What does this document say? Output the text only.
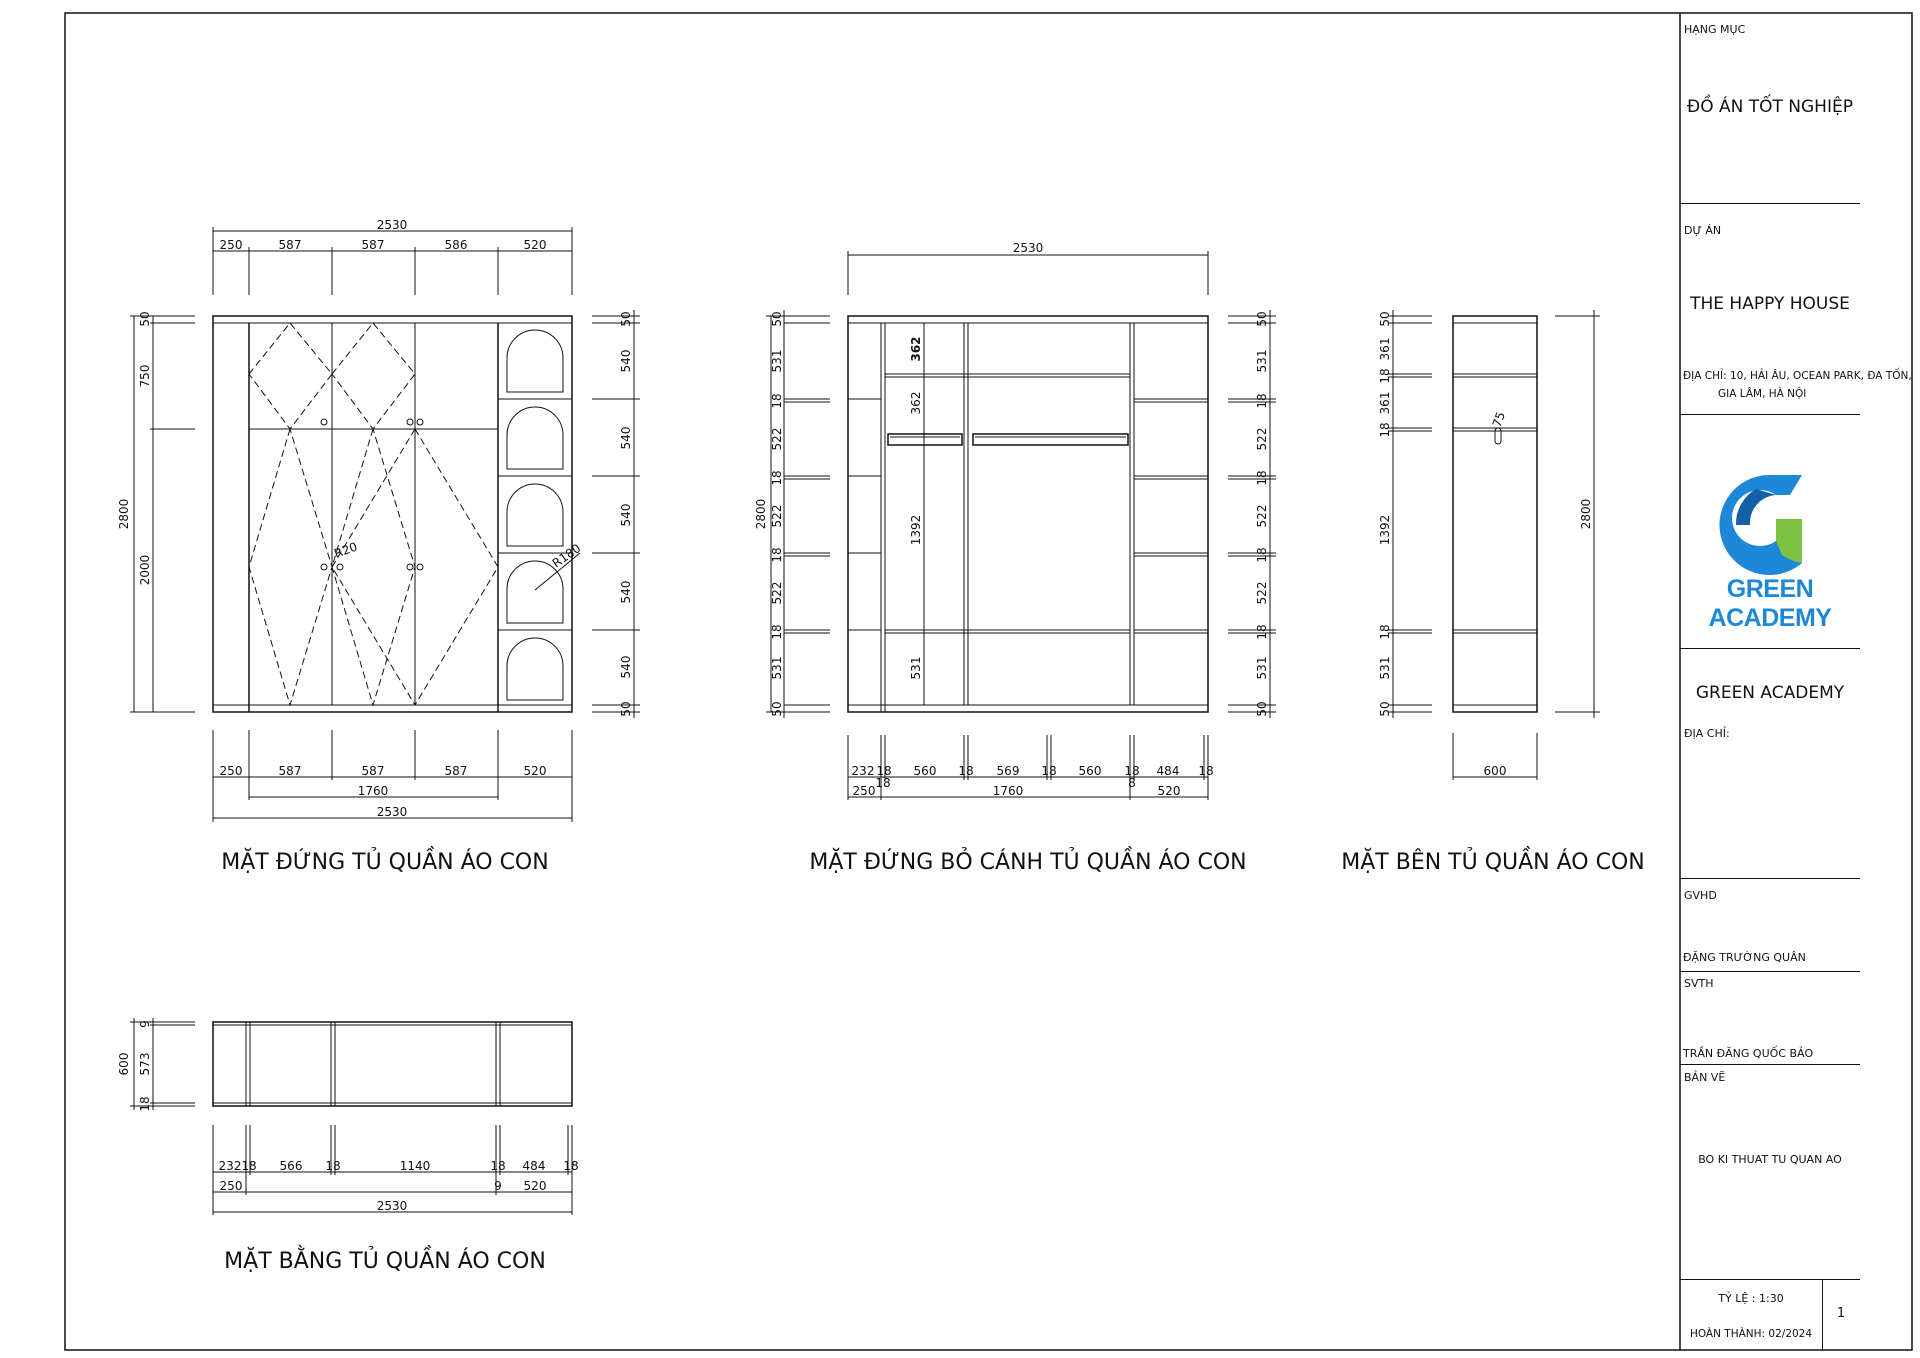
2530
250	587	587	586	520
R20	R180
2800
50
750
2000
50
540
540
540
540
540
50
250	587	587	587	520
1760
2530
MẶT ĐỨNG TỦ QUẦN ÁO CON
2530
2800
50
531
18
522
18
522
18
522
18
531
50
362
362
1392
531
50
531
18
522
18
522
18
522
18
531
50
232 18 560 18 569 18 560 18 484 18
18	8
250	1760	520
MẶT ĐỨNG BỎ CÁNH TỦ QUẦN ÁO CON
75
50
361
18
361
18
1392
18
531
50
2800
600
MẶT BÊN TỦ QUẦN ÁO CON
600
9
573
18
232 18 566 18	1140	18 484 18
250	9 520
2530
MẶT BẰNG TỦ QUẦN ÁO CON
HẠNG MỤC
ĐỒ ÁN TỐT NGHIỆP
DỰ ÁN
THE HAPPY HOUSE
ĐỊA CHỈ: 10, HẢI ÂU, OCEAN PARK, ĐA TỐN,
GIA LÂM, HÀ NỘI
GREEN ACADEMY
GREEN ACADEMY
ĐỊA CHỈ:
GVHD
ĐẶNG TRƯỜNG QUÂN
SVTH
TRẦN ĐĂNG QUỐC BẢO
BẢN VẼ
BO KI THUAT TU QUAN AO
TỶ LỆ : 1:30
HOÀN THÀNH: 02/2024
1
